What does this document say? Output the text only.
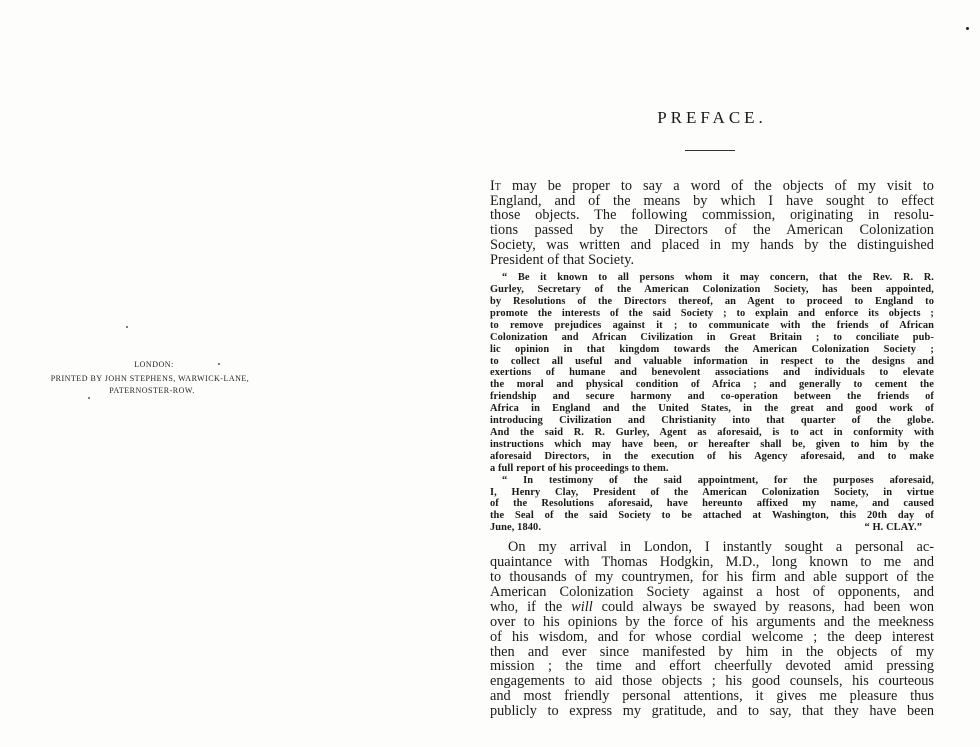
LONDON:
PRINTED BY JOHN STEPHENS, WARWICK-LANE,
PATERNOSTER-ROW.
PREFACE.
It may be proper to say a word of the objects of my visit to
England, and of the means by which I have sought to effect
those objects. The following commission, originating in resolu-
tions passed by the Directors of the American Colonization
Society, was written and placed in my hands by the distinguished
President of that Society.
“ Be it known to all persons whom it may concern, that the Rev. R. R.
Gurley, Secretary of the American Colonization Society, has been appointed,
by Resolutions of the Directors thereof, an Agent to proceed to England to
promote the interests of the said Society ; to explain and enforce its objects ;
to remove prejudices against it ; to communicate with the friends of African
Colonization and African Civilization in Great Britain ; to conciliate pub-
lic opinion in that kingdom towards the American Colonization Society ;
to collect all useful and valuable information in respect to the designs and
exertions of humane and benevolent associations and individuals to elevate
the moral and physical condition of Africa ; and generally to cement the
friendship and secure harmony and co-operation between the friends of
Africa in England and the United States, in the great and good work of
introducing Civilization and Christianity into that quarter of the globe.
And the said R. R. Gurley, Agent as aforesaid, is to act in conformity with
instructions which may have been, or hereafter shall be, given to him by the
aforesaid Directors, in the execution of his Agency aforesaid, and to make
a full report of his proceedings to them.
“ In testimony of the said appointment, for the purposes aforesaid,
I, Henry Clay, President of the American Colonization Society, in virtue
of the Resolutions aforesaid, have hereunto affixed my name, and caused
the Seal of the said Society to be attached at Washington, this 20th day of
June, 1840.	“ H. CLAY.”
On my arrival in London, I instantly sought a personal ac-
quaintance with Thomas Hodgkin, M.D., long known to me and
to thousands of my countrymen, for his firm and able support of the
American Colonization Society against a host of opponents, and
who, if the will could always be swayed by reasons, had been won
over to his opinions by the force of his arguments and the meekness
of his wisdom, and for whose cordial welcome ; the deep interest
then and ever since manifested by him in the objects of my
mission ; the time and effort cheerfully devoted amid pressing
engagements to aid those objects ; his good counsels, his courteous
and most friendly personal attentions, it gives me pleasure thus
publicly to express my gratitude, and to say, that they have been
